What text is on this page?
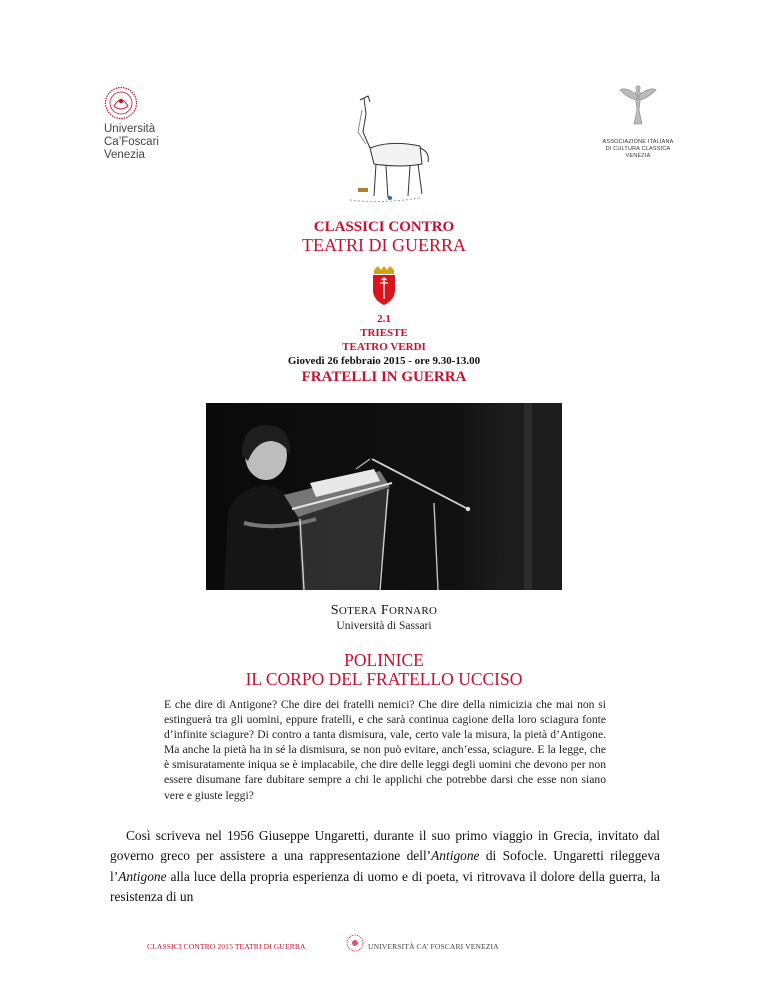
Università
Ca’Foscari
Venezia
ASSOCIAZIONE ITALIANA
DI CULTURA CLASSICA
VENEZIA
CLASSICI CONTRO
TEATRI DI GUERRA
2.1
TRIESTE
TEATRO VERDI
Giovedì 26 febbraio 2015 - ore 9.30-13.00
FRATELLI IN GUERRA
SOTERA FORNARO
Università di Sassari
POLINICE
IL CORPO DEL FRATELLO UCCISO
E che dire di Antigone? Che dire dei fratelli nemici? Che dire della nimicizia che mai non si estinguerà tra gli uomini, eppure fratelli, e che sarà continua cagione della loro sciagura fonte d’infinite sciagure? Di contro a tanta dismisura, vale, certo vale la misura, la pietà d’Antigone. Ma anche la pietà ha in sé la dismisura, se non può evitare, anch’essa, sciagure. E la legge, che è smisuratamente iniqua se è implacabile, che dire delle leggi degli uomini che devono per non essere disumane fare dubitare sempre a chi le applichi che potrebbe darsi che esse non siano vere e giuste leggi?
Così scriveva nel 1956 Giuseppe Ungaretti, durante il suo primo viaggio in Grecia, invitato dal governo greco per assistere a una rappresentazione dell’Antigone di Sofocle. Ungaretti rileggeva l’Antigone alla luce della propria esperienza di uomo e di poeta, vi ritrovava il dolore della guerra, la resistenza di un
CLASSICI CONTRO 2015 TEATRI DI GUERRA	UNIVERSITÀ CA’ FOSCARI VENEZIA
